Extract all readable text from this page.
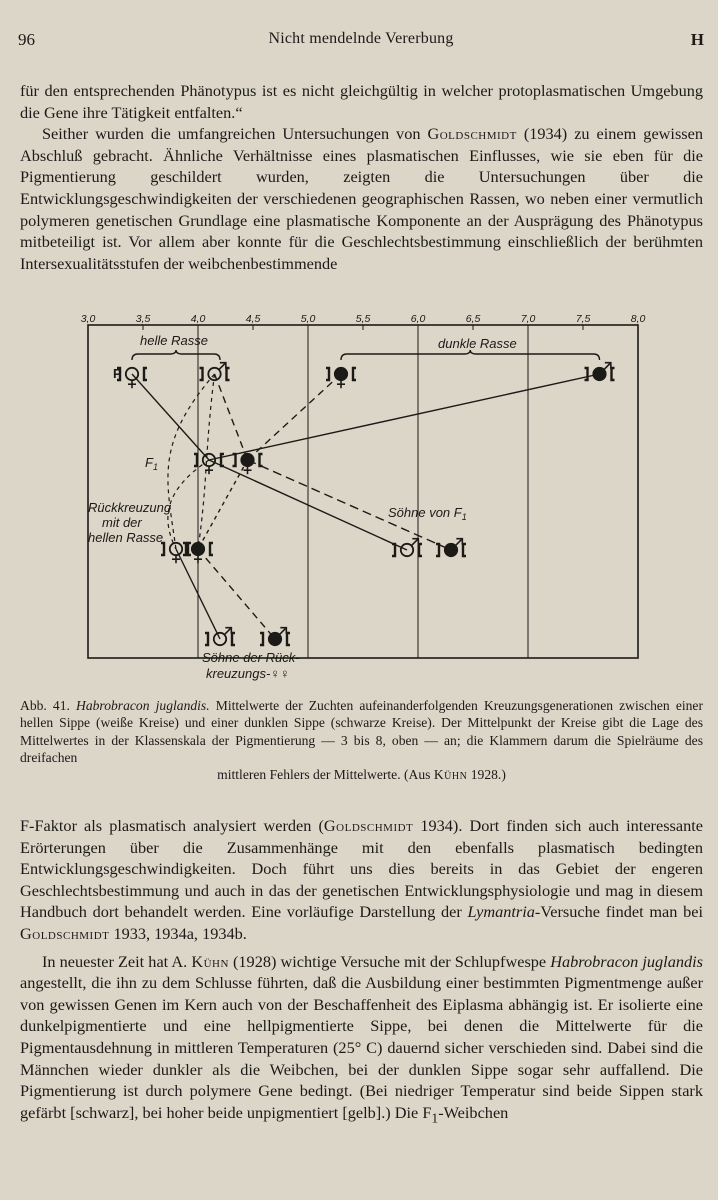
96	Nicht mendelnde Vererbung	H

für den entsprechenden Phänotypus ist es nicht gleichgültig in welcher protoplasmatischen Umgebung die Gene ihre Tätigkeit entfalten.“

Seither wurden die umfangreichen Untersuchungen von Goldschmidt (1934) zu einem gewissen Abschluß gebracht. Ähnliche Verhältnisse eines plasmatischen Einflusses, wie sie eben für die Pigmentierung geschildert wurden, zeigten die Untersuchungen über die Entwicklungsgeschwindigkeiten der verschiedenen geographischen Rassen, wo neben einer vermutlich polymeren genetischen Grundlage eine plasmatische Komponente an der Ausprägung des Phänotypus mitbeteiligt ist. Vor allem aber konnte für die Geschlechtsbestimmung einschließlich der berühmten Intersexualitätsstufen der weibchenbestimmende

3,0	3,5	4,0	4,5	5,0	5,5	6,0	6,5	7,0	7,5	8,0
helle Rasse	dunkle Rasse
P
$F_1$
Rückkreuzung
mit der
hellen Rasse
Söhne von $F_1$
Söhne der Rück-
kreuzungs-♀♀
Abb. 41. Habrobracon juglandis. Mittelwerte der Zuchten aufeinanderfolgenden Kreuzungsgenerationen zwischen einer hellen Sippe (weiße Kreise) und einer dunklen Sippe (schwarze Kreise). Der Mittelpunkt der Kreise gibt die Lage des Mittelwertes in der Klassenskala der Pigmentierung — 3 bis 8, oben — an; die Klammern darum die Spielräume des dreifachen
mittleren Fehlers der Mittelwerte. (Aus Kühn 1928.)

F-Faktor als plasmatisch analysiert werden (Goldschmidt 1934). Dort finden sich auch interessante Erörterungen über die Zusammenhänge mit den ebenfalls plasmatisch bedingten Entwicklungsgeschwindigkeiten. Doch führt uns dies bereits in das Gebiet der engeren Geschlechtsbestimmung und auch in das der genetischen Entwicklungsphysiologie und mag in diesem Handbuch dort behandelt werden. Eine vorläufige Darstellung der Lymantria-Versuche findet man bei Goldschmidt 1933, 1934a, 1934b.

In neuester Zeit hat A. Kühn (1928) wichtige Versuche mit der Schlupfwespe Habrobracon juglandis angestellt, die ihn zu dem Schlusse führten, daß die Ausbildung einer bestimmten Pigmentmenge außer von gewissen Genen im Kern auch von der Beschaffenheit des Eiplasma abhängig ist. Er isolierte eine dunkelpigmentierte und eine hellpigmentierte Sippe, bei denen die Mittelwerte für die Pigmentausdehnung in mittleren Temperaturen (25° C) dauernd sicher verschieden sind. Dabei sind die Männchen wieder dunkler als die Weibchen, bei der dunklen Sippe sogar sehr auffallend. Die Pigmentierung ist durch polymere Gene bedingt. (Bei niedriger Temperatur sind beide Sippen stark gefärbt [schwarz], bei hoher beide unpigmentiert [gelb].) Die $F_1$-Weibchen
